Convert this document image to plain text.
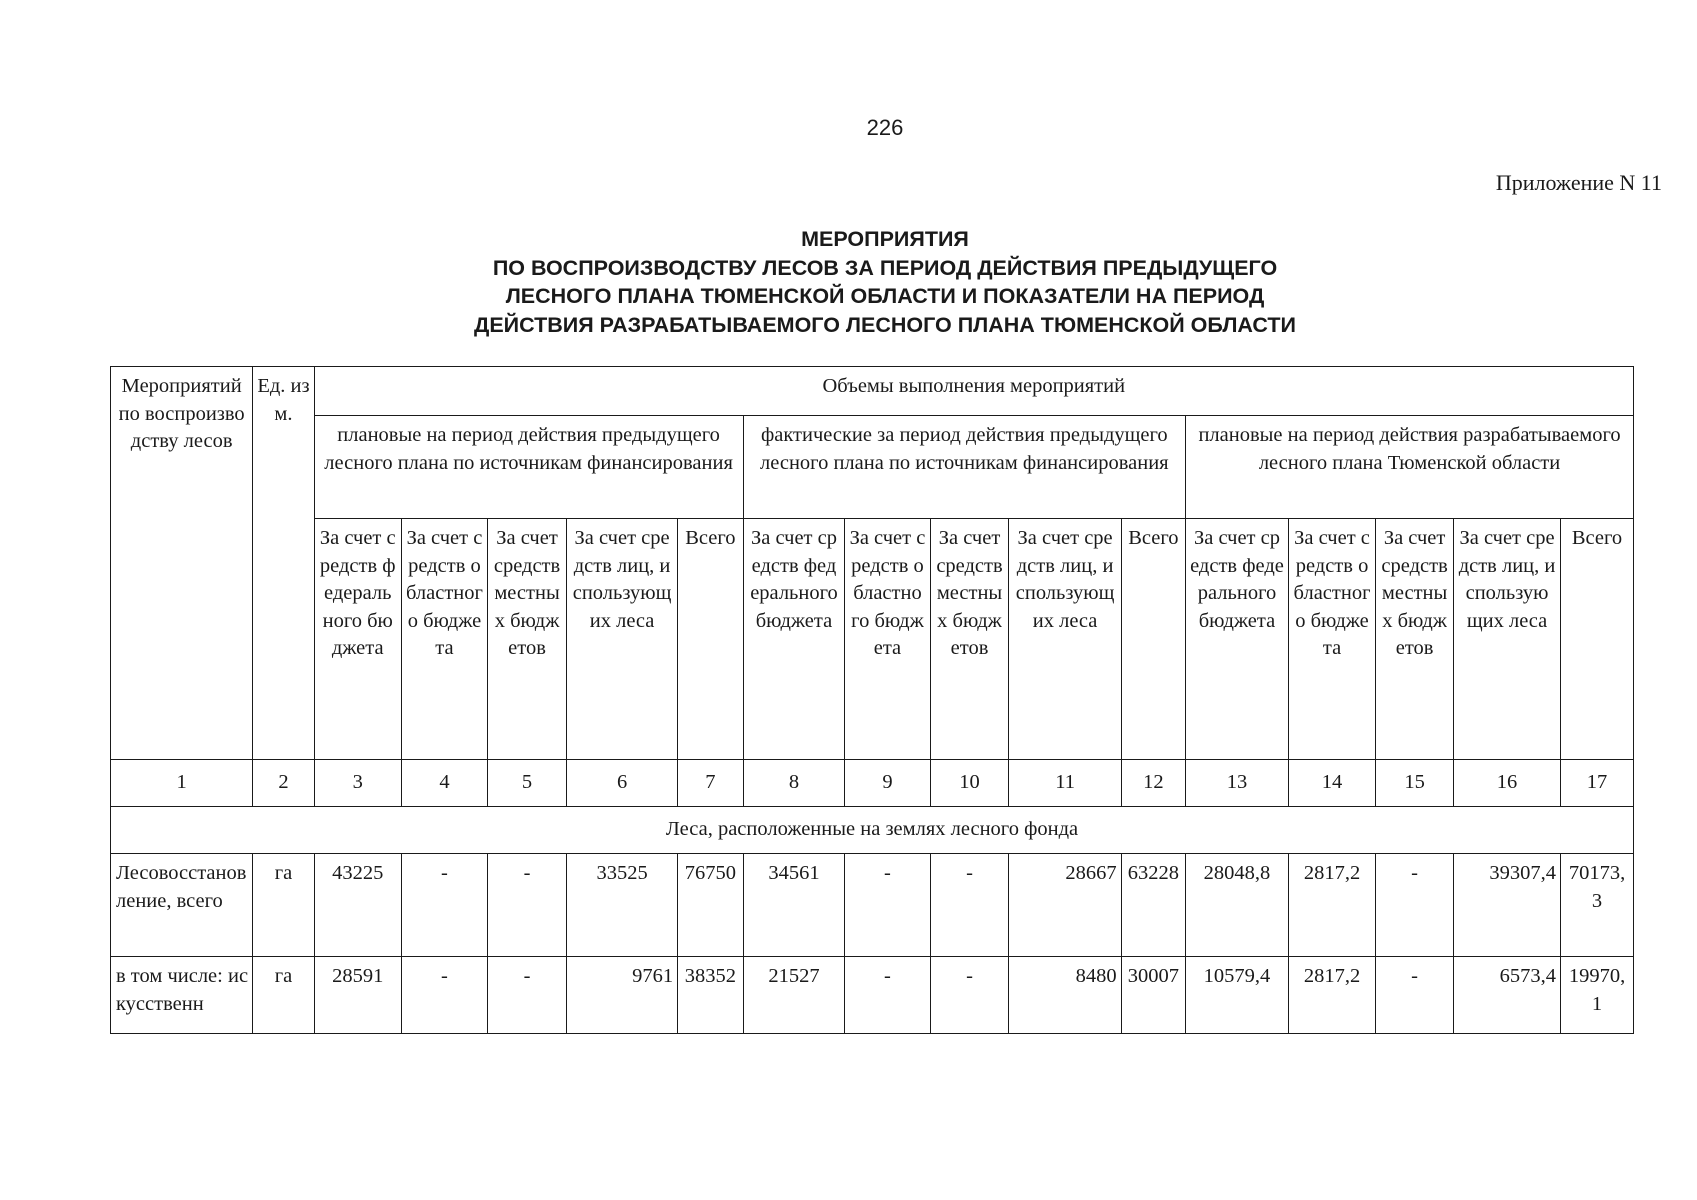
226
Приложение N 11
МЕРОПРИЯТИЯ
ПО ВОСПРОИЗВОДСТВУ ЛЕСОВ ЗА ПЕРИОД ДЕЙСТВИЯ ПРЕДЫДУЩЕГО
ЛЕСНОГО ПЛАНА ТЮМЕНСКОЙ ОБЛАСТИ И ПОКАЗАТЕЛИ НА ПЕРИОД
ДЕЙСТВИЯ РАЗРАБАТЫВАЕМОГО ЛЕСНОГО ПЛАНА ТЮМЕНСКОЙ ОБЛАСТИ
Мероприятий по воспроизводству лесов	Ед. изм.	Объемы выполнения мероприятий														
		плановые на период действия предыдущего лесного плана по источникам финансирования					фактические за период действия предыдущего лесного плана по источникам финансирования					плановые на период действия разрабатываемого лесного плана Тюменской области				
		За счет средств федерального бюджета	За счет средств областного бюджета	За счет средств местных бюджетов	За счет средств лиц, использующих леса	Всего	За счет средств федерального бюджета	За счет средств областного бюджета	За счет средств местных бюджетов	За счет средств лиц, использующих леса	Всего	За счет средств федерального бюджета	За счет средств областного бюджета	За счет средств местных бюджетов	За счет средств лиц, использующих леса	Всего
1	2	3	4	5	6	7	8	9	10	11	12	13	14	15	16	17
Леса, расположенные на землях лесного фонда																
Лесовосстановление, всего	га	43225	-	-	33525	76750	34561	-	-	28667	63228	28048,8	2817,2	-	39307,4	70173,3
в том числе: искусственн	га	28591	-	-	9761	38352	21527	-	-	8480	30007	10579,4	2817,2	-	6573,4	19970,1
